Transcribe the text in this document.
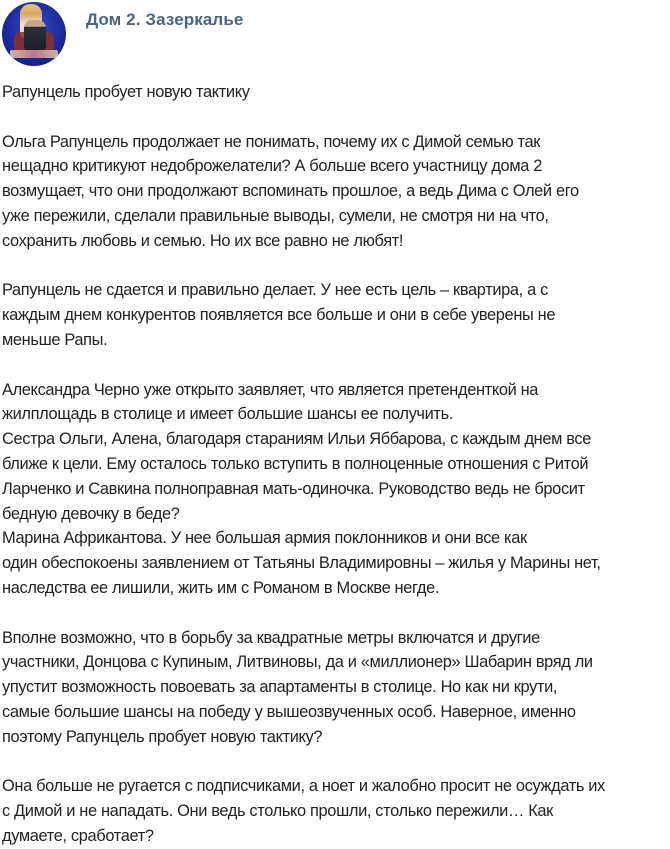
Дом 2. Зазеркалье

Рапунцель пробует новую тактику

Ольга Рапунцель продолжает не понимать, почему их с Димой семью так
нещадно критикуют недоброжелатели? А больше всего участницу дома 2
возмущает, что они продолжают вспоминать прошлое, а ведь Дима с Олей его
уже пережили, сделали правильные выводы, сумели, не смотря ни на что,
сохранить любовь и семью. Но их все равно не любят!

Рапунцель не сдается и правильно делает. У нее есть цель – квартира, а с
каждым днем конкурентов появляется все больше и они в себе уверены не
меньше Рапы.

Александра Черно уже открыто заявляет, что является претенденткой на
жилплощадь в столице и имеет большие шансы ее получить.
Сестра Ольги, Алена, благодаря стараниям Ильи Яббарова, с каждым днем все
ближе к цели. Ему осталось только вступить в полноценные отношения с Ритой
Ларченко и Савкина полноправная мать-одиночка. Руководство ведь не бросит
бедную девочку в беде?
Марина Африкантова. У нее большая армия поклонников и они все как
один обеспокоены заявлением от Татьяны Владимировны – жилья у Марины нет,
наследства ее лишили, жить им с Романом в Москве негде.

Вполне возможно, что в борьбу за квадратные метры включатся и другие
участники, Донцова с Купиным, Литвиновы, да и «миллионер» Шабарин вряд ли
упустит возможность повоевать за апартаменты в столице. Но как ни крути,
самые большие шансы на победу у вышеозвученных особ. Наверное, именно
поэтому Рапунцель пробует новую тактику?

Она больше не ругается с подписчиками, а ноет и жалобно просит не осуждать их
с Димой и не нападать. Они ведь столько прошли, столько пережили… Как
думаете, сработает?
